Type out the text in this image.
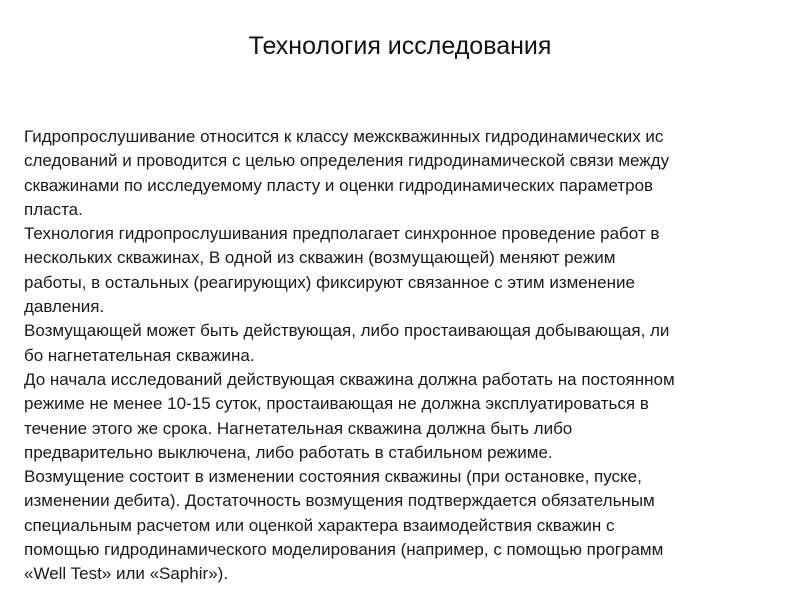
Технология исследования
Гидропрослушивание относится к классу межскважинных гидродинамических ис
следований и проводится с целью определения гидродинамической связи между
скважинами по исследуемому пласту и оценки гидродинамических параметров
пласта.
Технология гидропрослушивания предполагает синхронное проведение работ в
нескольких скважинах, В одной из скважин (возмущающей) меняют режим
работы, в остальных (реагирующих) фиксируют связанное с этим изменение
давления.
Возмущающей может быть действующая, либо простаивающая добывающая, ли
бо нагнетательная скважина.
До начала исследований действующая скважина должна работать на постоянном
режиме не менее 10-15 суток, простаивающая не должна эксплуатироваться в
течение этого же срока. Нагнетательная скважина должна быть либо
предварительно выключена, либо работать в стабильном режиме.
Возмущение состоит в изменении состояния скважины (при остановке, пуске,
изменении дебита). Достаточность возмущения подтверждается обязательным
специальным расчетом или оценкой характера взаимодействия скважин с
помощью гидродинамического моделирования (например, с помощью программ
«Well Test» или «Saphir»).
